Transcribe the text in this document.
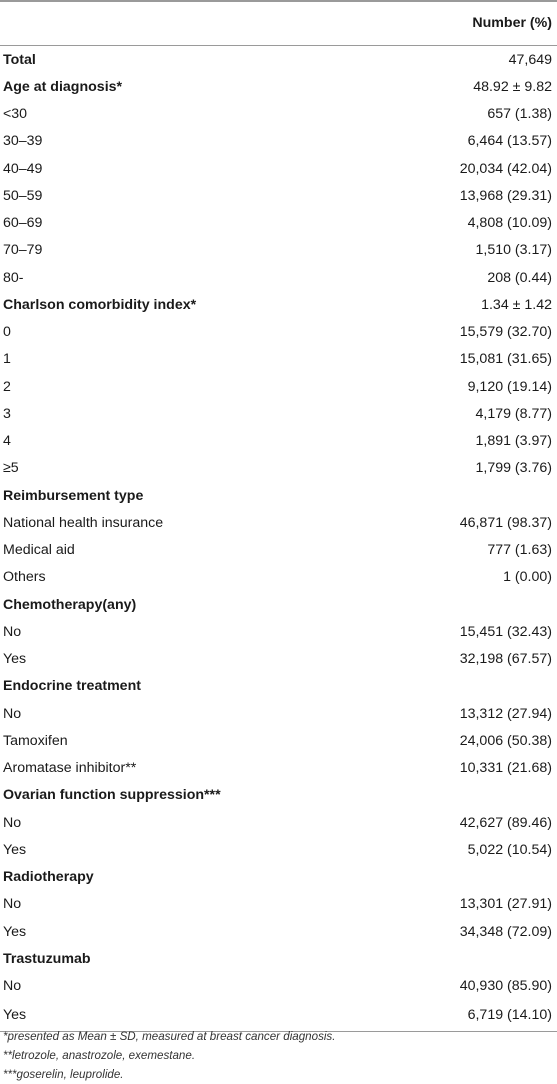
	Number (%)
Total	47,649
Age at diagnosis*	48.92 ± 9.82
<30	657 (1.38)
30–39	6,464 (13.57)
40–49	20,034 (42.04)
50–59	13,968 (29.31)
60–69	4,808 (10.09)
70–79	1,510 (3.17)
80-	208 (0.44)
Charlson comorbidity index*	1.34 ± 1.42
0	15,579 (32.70)
1	15,081 (31.65)
2	9,120 (19.14)
3	4,179 (8.77)
4	1,891 (3.97)
≥5	1,799 (3.76)
Reimbursement type	
National health insurance	46,871 (98.37)
Medical aid	777 (1.63)
Others	1 (0.00)
Chemotherapy(any)	
No	15,451 (32.43)
Yes	32,198 (67.57)
Endocrine treatment	
No	13,312 (27.94)
Tamoxifen	24,006 (50.38)
Aromatase inhibitor**	10,331 (21.68)
Ovarian function suppression***	
No	42,627 (89.46)
Yes	5,022 (10.54)
Radiotherapy	
No	13,301 (27.91)
Yes	34,348 (72.09)
Trastuzumab	
No	40,930 (85.90)
Yes	6,719 (14.10)
*presented as Mean ± SD, measured at breast cancer diagnosis.
**letrozole, anastrozole, exemestane.
***goserelin, leuprolide.
